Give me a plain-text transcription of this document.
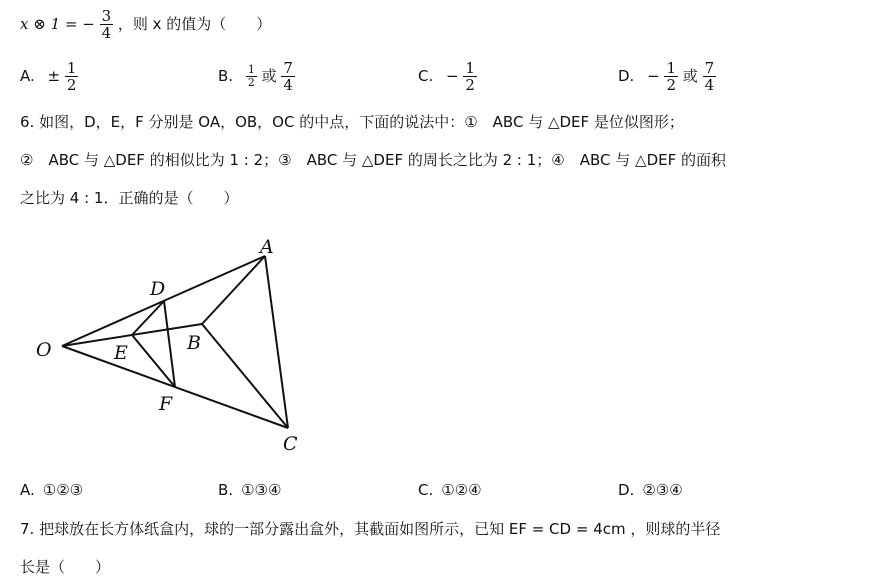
x ⊗ 1 = − $\frac{3}{4}$ ，则 x 的值为（　　）
A. ± $\frac{1}{2}$	B. $\frac{1}{2}$ 或 $\frac{7}{4}$	C. − $\frac{1}{2}$	D. − $\frac{1}{2}$ 或 $\frac{7}{4}$
6. 如图，D，E，F 分别是 OA，OB，OC 的中点，下面的说法中：①　ABC 与 △DEF 是位似图形；
②　ABC 与 △DEF 的相似比为 1 : 2；③　ABC 与 △DEF 的周长之比为 2 : 1；④　ABC 与 △DEF 的面积
之比为 4 : 1．正确的是（　　）
A
B
C
D
E
F
O
A. ①②③	B. ①③④	C. ①②④	D. ②③④
7. 把球放在长方体纸盒内，球的一部分露出盒外，其截面如图所示，已知 EF = CD = 4cm ，则球的半径
长是（　　）
